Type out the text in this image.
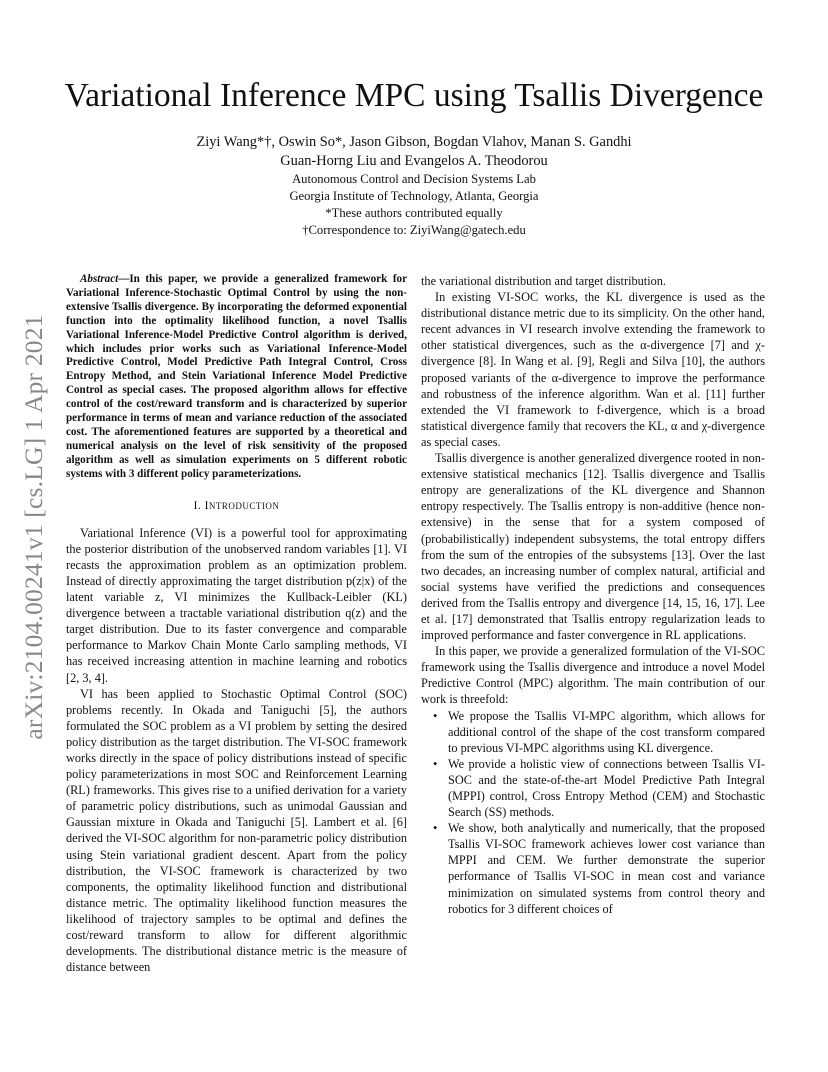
arXiv:2104.00241v1 [cs.LG] 1 Apr 2021
Variational Inference MPC using Tsallis Divergence
Ziyi Wang*†, Oswin So*, Jason Gibson, Bogdan Vlahov, Manan S. Gandhi
Guan-Horng Liu and Evangelos A. Theodorou
Autonomous Control and Decision Systems Lab
Georgia Institute of Technology, Atlanta, Georgia
*These authors contributed equally
†Correspondence to: ZiyiWang@gatech.edu

Abstract—In this paper, we provide a generalized framework for Variational Inference-Stochastic Optimal Control by using the non-extensive Tsallis divergence. By incorporating the deformed exponential function into the optimality likelihood function, a novel Tsallis Variational Inference-Model Predictive Control algorithm is derived, which includes prior works such as Variational Inference-Model Predictive Control, Model Predictive Path Integral Control, Cross Entropy Method, and Stein Variational Inference Model Predictive Control as special cases. The proposed algorithm allows for effective control of the cost/reward transform and is characterized by superior performance in terms of mean and variance reduction of the associated cost. The aforementioned features are supported by a theoretical and numerical analysis on the level of risk sensitivity of the proposed algorithm as well as simulation experiments on 5 different robotic systems with 3 different policy parameterizations.

I. INTRODUCTION

Variational Inference (VI) is a powerful tool for approximating the posterior distribution of the unobserved random variables [1]. VI recasts the approximation problem as an optimization problem. Instead of directly approximating the target distribution p(z|x) of the latent variable z, VI minimizes the Kullback-Leibler (KL) divergence between a tractable variational distribution q(z) and the target distribution. Due to its faster convergence and comparable performance to Markov Chain Monte Carlo sampling methods, VI has received increasing attention in machine learning and robotics [2, 3, 4].

VI has been applied to Stochastic Optimal Control (SOC) problems recently. In Okada and Taniguchi [5], the authors formulated the SOC problem as a VI problem by setting the desired policy distribution as the target distribution. The VI-SOC framework works directly in the space of policy distributions instead of specific policy parameterizations in most SOC and Reinforcement Learning (RL) frameworks. This gives rise to a unified derivation for a variety of parametric policy distributions, such as unimodal Gaussian and Gaussian mixture in Okada and Taniguchi [5]. Lambert et al. [6] derived the VI-SOC algorithm for non-parametric policy distribution using Stein variational gradient descent. Apart from the policy distribution, the VI-SOC framework is characterized by two components, the optimality likelihood function and distributional distance metric. The optimality likelihood function measures the likelihood of trajectory samples to be optimal and defines the cost/reward transform to allow for different algorithmic developments. The distributional distance metric is the measure of distance between

the variational distribution and target distribution.

In existing VI-SOC works, the KL divergence is used as the distributional distance metric due to its simplicity. On the other hand, recent advances in VI research involve extending the framework to other statistical divergences, such as the α-divergence [7] and χ-divergence [8]. In Wang et al. [9], Regli and Silva [10], the authors proposed variants of the α-divergence to improve the performance and robustness of the inference algorithm. Wan et al. [11] further extended the VI framework to f-divergence, which is a broad statistical divergence family that recovers the KL, α and χ-divergence as special cases.

Tsallis divergence is another generalized divergence rooted in non-extensive statistical mechanics [12]. Tsallis divergence and Tsallis entropy are generalizations of the KL divergence and Shannon entropy respectively. The Tsallis entropy is non-additive (hence non-extensive) in the sense that for a system composed of (probabilistically) independent subsystems, the total entropy differs from the sum of the entropies of the subsystems [13]. Over the last two decades, an increasing number of complex natural, artificial and social systems have verified the predictions and consequences derived from the Tsallis entropy and divergence [14, 15, 16, 17]. Lee et al. [17] demonstrated that Tsallis entropy regularization leads to improved performance and faster convergence in RL applications.

In this paper, we provide a generalized formulation of the VI-SOC framework using the Tsallis divergence and introduce a novel Model Predictive Control (MPC) algorithm. The main contribution of our work is threefold:

• We propose the Tsallis VI-MPC algorithm, which allows for additional control of the shape of the cost transform compared to previous VI-MPC algorithms using KL divergence.
• We provide a holistic view of connections between Tsallis VI-SOC and the state-of-the-art Model Predictive Path Integral (MPPI) control, Cross Entropy Method (CEM) and Stochastic Search (SS) methods.
• We show, both analytically and numerically, that the proposed Tsallis VI-SOC framework achieves lower cost variance than MPPI and CEM. We further demonstrate the superior performance of Tsallis VI-SOC in mean cost and variance minimization on simulated systems from control theory and robotics for 3 different choices of
